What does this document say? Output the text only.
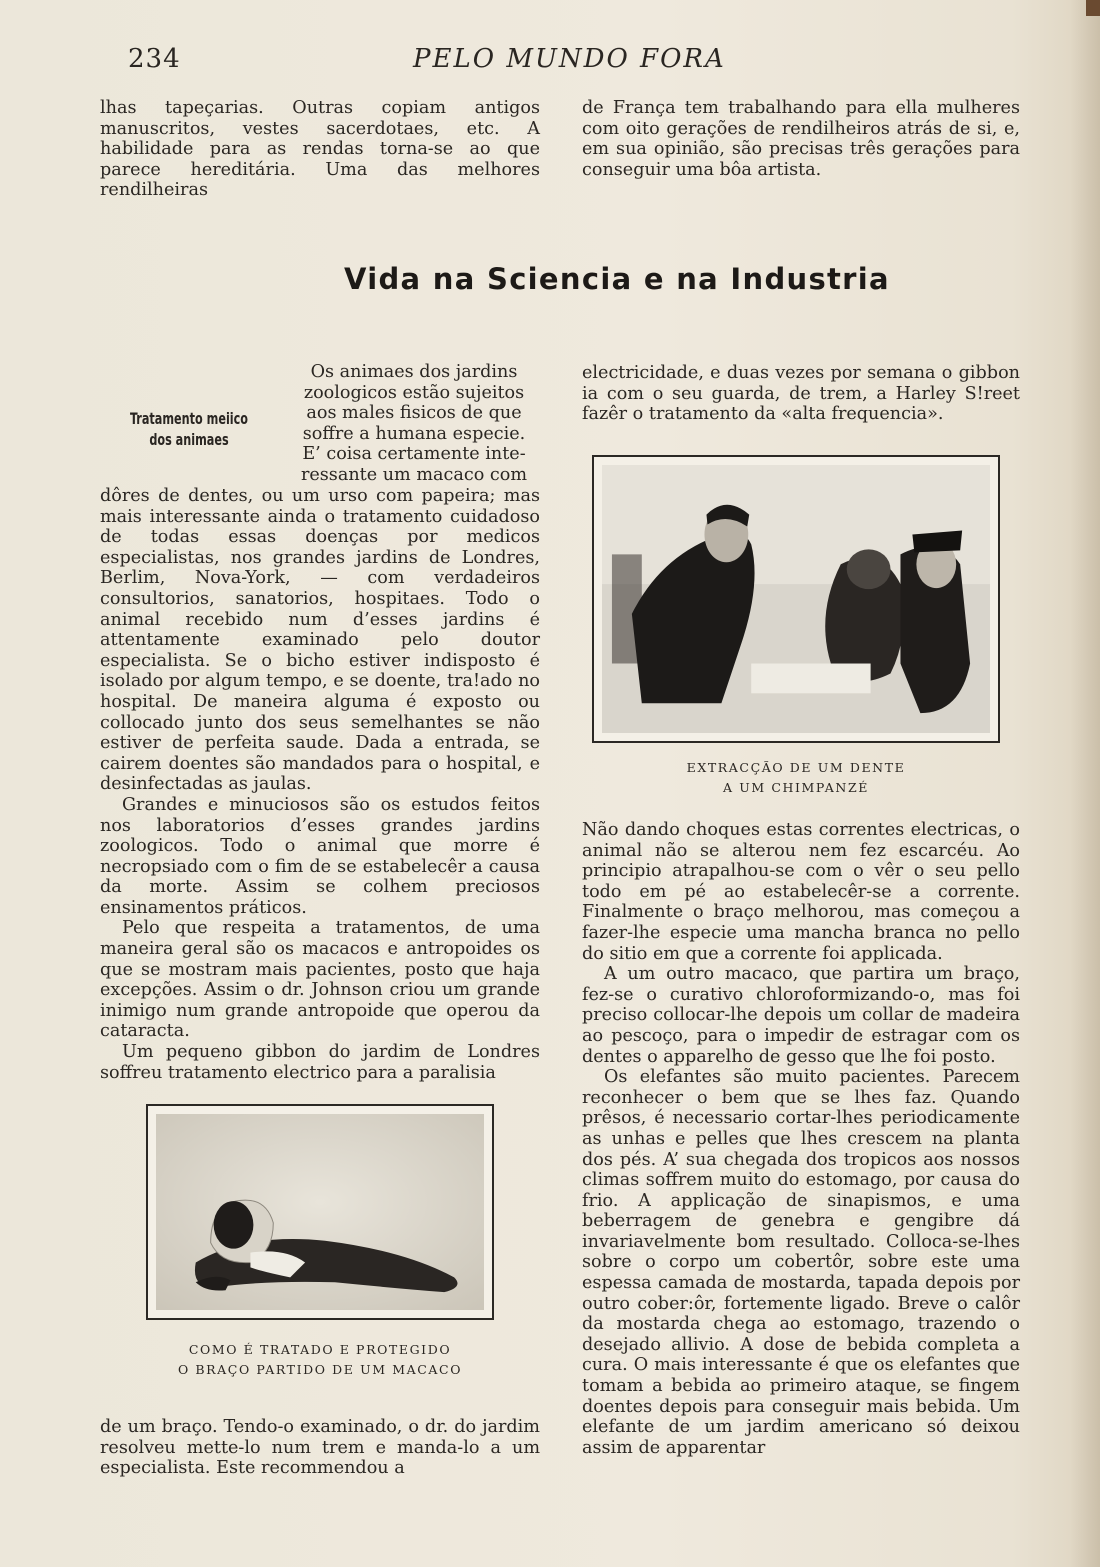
234	PELO MUNDO FORA

lhas tapeçarias. Outras copiam antigos manuscritos, vestes sacerdotaes, etc. A habilidade para as rendas torna-se ao que parece hereditária. Uma das melhores rendilheiras

de França tem trabalhando para ella mulheres com oito gerações de rendilheiros atrás de si, e, em sua opinião, são precisas três gerações para conseguir uma bôa artista.

Vida na Sciencia e na Industria
Tratamento meiico
dos animaes
Os animaes dos jardins
zoologicos estão sujeitos
aos males fisicos de que
soffre a humana especie.
E’ coisa certamente inte-
ressante um macaco com

dôres de dentes, ou um urso com papeira; mas mais interessante ainda o tratamento cuidadoso de todas essas doenças por medicos especialistas, nos grandes jardins de Londres, Berlim, Nova-York, — com verdadeiros consultorios, sanatorios, hospitaes. Todo o animal recebido num d’esses jardins é attentamente examinado pelo doutor especialista. Se o bicho estiver indisposto é isolado por algum tempo, e se doente, tra!ado no hospital. De maneira alguma é exposto ou collocado junto dos seus semelhantes se não estiver de perfeita saude. Dada a entrada, se cairem doentes são mandados para o hospital, e desinfectadas as jaulas.

Grandes e minuciosos são os estudos feitos nos laboratorios d’esses grandes jardins zoologicos. Todo o animal que morre é necropsiado com o fim de se estabelecêr a causa da morte. Assim se colhem preciosos ensinamentos práticos.

Pelo que respeita a tratamentos, de uma maneira geral são os macacos e antropoides os que se mostram mais pacientes, posto que haja excepções. Assim o dr. Johnson criou um grande inimigo num grande antropoide que operou da cataracta.

Um pequeno gibbon do jardim de Londres soffreu tratamento electrico para a paralisia

COMO É TRATADO E PROTEGIDO
O BRAÇO PARTIDO DE UM MACACO

de um braço. Tendo-o examinado, o dr. do jardim resolveu mette-lo num trem e manda-lo a um especialista. Este recommendou a

electricidade, e duas vezes por semana o gibbon ia com o seu guarda, de trem, a Harley S!reet fazêr o tratamento da «alta frequencia».

EXTRACÇÃO DE UM DENTE
A UM CHIMPANZÉ

Não dando choques estas correntes electricas, o animal não se alterou nem fez escarcéu. Ao principio atrapalhou-se com o vêr o seu pello todo em pé ao estabelecêr-se a corrente. Finalmente o braço melhorou, mas começou a fazer-lhe especie uma mancha branca no pello do sitio em que a corrente foi applicada.

A um outro macaco, que partira um braço, fez-se o curativo chloroformizando-o, mas foi preciso collocar-lhe depois um collar de madeira ao pescoço, para o impedir de estragar com os dentes o apparelho de gesso que lhe foi posto.

Os elefantes são muito pacientes. Parecem reconhecer o bem que se lhes faz. Quando prêsos, é necessario cortar-lhes periodicamente as unhas e pelles que lhes crescem na planta dos pés. A’ sua chegada dos tropicos aos nossos climas soffrem muito do estomago, por causa do frio. A applicação de sinapismos, e uma beberragem de genebra e gengibre dá invariavelmente bom resultado. Colloca-se-lhes sobre o corpo um cobertôr, sobre este uma espessa camada de mostarda, tapada depois por outro cober:ôr, fortemente ligado. Breve o calôr da mostarda chega ao estomago, trazendo o desejado allivio. A dose de bebida completa a cura. O mais interessante é que os elefantes que tomam a bebida ao primeiro ataque, se fingem doentes depois para conseguir mais bebida. Um elefante de um jardim americano só deixou assim de apparentar
